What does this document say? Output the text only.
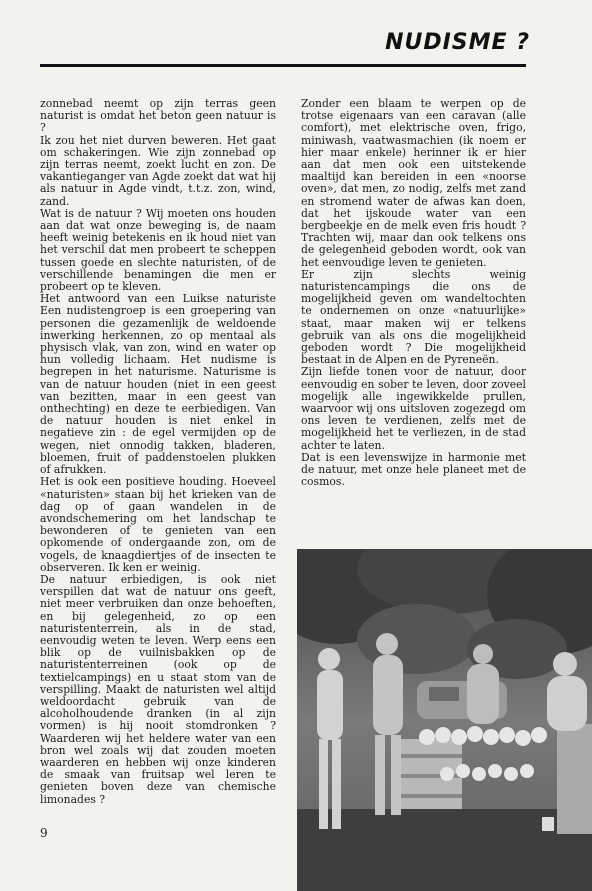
NUDISME ?

zonnebad neemt op zijn terras geen naturist is omdat het beton geen natuur is ?

Ik zou het niet durven beweren. Het gaat om schakeringen. Wie zijn zonnebad op zijn terras neemt, zoekt lucht en zon. De vakantieganger van Agde zoekt dat wat hij als natuur in Agde vindt, t.t.z. zon, wind, zand.

Wat is de natuur ? Wij moeten ons houden aan dat wat onze beweging is, de naam heeft weinig betekenis en ik houd niet van het verschil dat men probeert te scheppen tussen goede en slechte naturisten, of de verschillende benamingen die men er probeert op te kleven.

Het antwoord van een Luikse naturiste Een nudistengroep is een groepering van personen die gezamenlijk de weldoende inwerking herkennen, zo op mentaal als physisch vlak, van zon, wind en water op hun volledig lichaam. Het nudisme is begrepen in het naturisme. Naturisme is van de natuur houden (niet in een geest van bezitten, maar in een geest van onthechting) en deze te eerbiedigen. Van de natuur houden is niet enkel in negatieve zin : de egel vermijden op de wegen, niet onnodig takken, bladeren, bloemen, fruit of paddenstoelen plukken of afrukken.

Het is ook een positieve houding. Hoeveel «naturisten» staan bij het krieken van de dag op of gaan wandelen in de avondschemering om het landschap te bewonderen of te genieten van een opkomende of ondergaande zon, om de vogels, de knaagdiertjes of de insecten te observeren. Ik ken er weinig.

De natuur erbiedigen, is ook niet verspillen dat wat de natuur ons geeft, niet meer verbruiken dan onze behoeften, en bij gelegenheid, zo op een naturistenterrein, als in de stad, eenvoudig weten te leven. Werp eens een blik op de vuilnisbakken op de naturistenterreinen (ook op de textielcampings) en u staat stom van de verspilling. Maakt de naturisten wel altijd weldoordacht gebruik van de alcoholhoudende dranken (in al zijn vormen) is hij nooit stomdronken ? Waarderen wij het heldere water van een bron wel zoals wij dat zouden moeten waarderen en hebben wij onze kinderen de smaak van fruitsap wel leren te genieten boven deze van chemische limonades ?

Zonder een blaam te werpen op de trotse eigenaars van een caravan (alle comfort), met elektrische oven, frigo, miniwash, vaatwasmachien (ik noem er hier maar enkele) herinner ik er hier aan dat men ook een uitstekende maaltijd kan bereiden in een «noorse oven», dat men, zo nodig, zelfs met zand en stromend water de afwas kan doen, dat het ijskoude water van een bergbeekje en de melk even fris houdt ? Trachten wij, maar dan ook telkens ons de gelegenheid geboden wordt, ook van het eenvoudige leven te genieten.

Er zijn slechts weinig naturistencampings die ons de mogelijkheid geven om wandeltochten te ondernemen on onze «natuurlijke» staat, maar maken wij er telkens gebruik van als ons die mogelijkheid geboden wordt ? Die mogelijkheid bestaat in de Alpen en de Pyreneën.

Zijn liefde tonen voor de natuur, door eenvoudig en sober te leven, door zoveel mogelijk alle ingewikkelde prullen, waarvoor wij ons uitsloven zogezegd om ons leven te verdienen, zelfs met de mogelijkheid het te verliezen, in de stad achter te laten.

Dat is een levenswijze in harmonie met de natuur, met onze hele planeet met de cosmos.

9
